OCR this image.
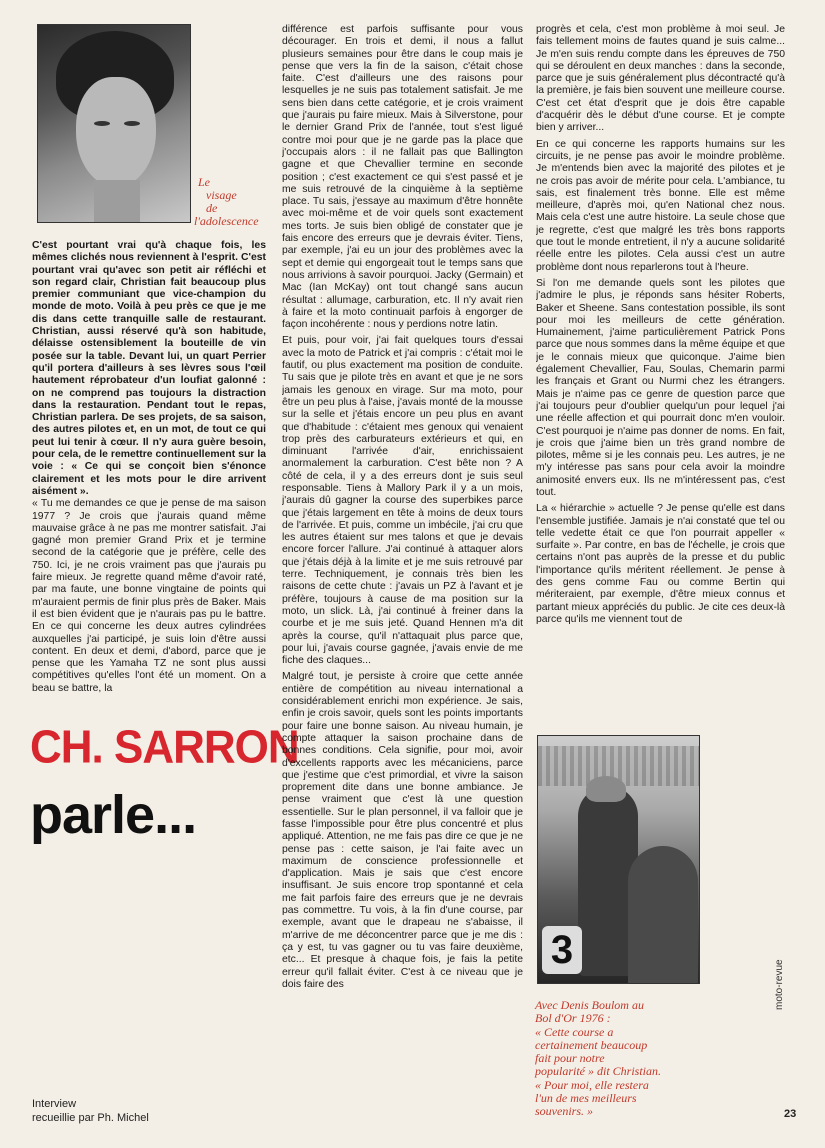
Le
visage
de
l'adolescence

C'est pourtant vrai qu'à chaque fois, les mêmes clichés nous reviennent à l'esprit. C'est pourtant vrai qu'avec son petit air réfléchi et son regard clair, Christian fait beaucoup plus premier communiant que vice-champion du monde de moto. Voilà à peu près ce que je me dis dans cette tranquille salle de restaurant. Christian, aussi réservé qu'à son habitude, délaisse ostensiblement la bouteille de vin posée sur la table. Devant lui, un quart Perrier qu'il portera d'ailleurs à ses lèvres sous l'œil hautement réprobateur d'un loufiat galonné : on ne comprend pas toujours la distraction dans la restauration. Pendant tout le repas, Christian parlera. De ses projets, de sa saison, des autres pilotes et, en un mot, de tout ce qui peut lui tenir à cœur. Il n'y aura guère besoin, pour cela, de le remettre continuellement sur la voie : « Ce qui se conçoit bien s'énonce clairement et les mots pour le dire arrivent aisément ».

« Tu me demandes ce que je pense de ma saison 1977 ? Je crois que j'aurais quand même mauvaise grâce à ne pas me montrer satisfait. J'ai gagné mon premier Grand Prix et je termine second de la catégorie que je préfère, celle des 750. Ici, je ne crois vraiment pas que j'aurais pu faire mieux. Je regrette quand même d'avoir raté, par ma faute, une bonne vingtaine de points qui m'auraient permis de finir plus près de Baker. Mais il est bien évident que je n'aurais pas pu le battre. En ce qui concerne les deux autres cylindrées auxquelles j'ai participé, je suis loin d'être aussi content. En deux et demi, d'abord, parce que je pense que les Yamaha TZ ne sont plus aussi compétitives qu'elles l'ont été un moment. On a beau se battre, la

CH. SARRON
parle...
Interview
recueillie par Ph. Michel

différence est parfois suffisante pour vous décourager. En trois et demi, il nous a fallut plusieurs semaines pour être dans le coup mais je pense que vers la fin de la saison, c'était chose faite. C'est d'ailleurs une des raisons pour lesquelles je ne suis pas totalement satisfait. Je me sens bien dans cette catégorie, et je crois vraiment que j'aurais pu faire mieux. Mais à Silverstone, pour le dernier Grand Prix de l'année, tout s'est ligué contre moi pour que je ne garde pas la place que j'occupais alors : il ne fallait pas que Ballington gagne et que Chevallier termine en seconde position ; c'est exactement ce qui s'est passé et je me suis retrouvé de la cinquième à la septième place. Tu sais, j'essaye au maximum d'être honnête avec moi-même et de voir quels sont exactement mes torts. Je suis bien obligé de constater que je fais encore des erreurs que je devrais éviter. Tiens, par exemple, j'ai eu un jour des problèmes avec la sept et demie qui engorgeait tout le temps sans que nous arrivions à savoir pourquoi. Jacky (Germain) et Mac (Ian McKay) ont tout changé sans aucun résultat : allumage, carburation, etc. Il n'y avait rien à faire et la moto continuait parfois à engorger de façon incohérente : nous y perdions notre latin.

Et puis, pour voir, j'ai fait quelques tours d'essai avec la moto de Patrick et j'ai compris : c'était moi le fautif, ou plus exactement ma position de conduite. Tu sais que je pilote très en avant et que je ne sors jamais les genoux en virage. Sur ma moto, pour être un peu plus à l'aise, j'avais monté de la mousse sur la selle et j'étais encore un peu plus en avant que d'habitude : c'étaient mes genoux qui venaient trop près des carburateurs extérieurs et qui, en diminuant l'arrivée d'air, enrichissaient anormalement la carburation. C'est bête non ? A côté de cela, il y a des erreurs dont je suis seul responsable. Tiens à Mallory Park il y a un mois, j'aurais dû gagner la course des superbikes parce que j'étais largement en tête à moins de deux tours de l'arrivée. Et puis, comme un imbécile, j'ai cru que les autres étaient sur mes talons et que je devais encore forcer l'allure. J'ai continué à attaquer alors que j'étais déjà à la limite et je me suis retrouvé par terre. Techniquement, je connais très bien les raisons de cette chute : j'avais un PZ à l'avant et je préfère, toujours à cause de ma position sur la moto, un slick. Là, j'ai continué à freiner dans la courbe et je me suis jeté. Quand Hennen m'a dit après la course, qu'il n'attaquait plus parce que, pour lui, j'avais course gagnée, j'avais envie de me fiche des claques...

Malgré tout, je persiste à croire que cette année entière de compétition au niveau international a considérablement enrichi mon expérience. Je sais, enfin je crois savoir, quels sont les points importants pour faire une bonne saison. Au niveau humain, je compte attaquer la saison prochaine dans de bonnes conditions. Cela signifie, pour moi, avoir d'excellents rapports avec les mécaniciens, parce que j'estime que c'est primordial, et vivre la saison proprement dite dans une bonne ambiance. Je pense vraiment que c'est là une question essentielle. Sur le plan personnel, il va falloir que je fasse l'impossible pour être plus concentré et plus appliqué. Attention, ne me fais pas dire ce que je ne pense pas : cette saison, je l'ai faite avec un maximum de conscience professionnelle et d'application. Mais je sais que c'est encore insuffisant. Je suis encore trop spontanné et cela me fait parfois faire des erreurs que je ne devrais pas commettre. Tu vois, à la fin d'une course, par exemple, avant que le drapeau ne s'abaisse, il m'arrive de me déconcentrer parce que je me dis : ça y est, tu vas gagner ou tu vas faire deuxième, etc... Et presque à chaque fois, je fais la petite erreur qu'il fallait éviter. C'est à ce niveau que je dois faire des

progrès et cela, c'est mon problème à moi seul. Je fais tellement moins de fautes quand je suis calme... Je m'en suis rendu compte dans les épreuves de 750 qui se déroulent en deux manches : dans la seconde, parce que je suis généralement plus décontracté qu'à la première, je fais bien souvent une meilleure course. C'est cet état d'esprit que je dois être capable d'acquérir dès le début d'une course. Et je compte bien y arriver...

En ce qui concerne les rapports humains sur les circuits, je ne pense pas avoir le moindre problème. Je m'entends bien avec la majorité des pilotes et je ne crois pas avoir de mérite pour cela. L'ambiance, tu sais, est finalement très bonne. Elle est même meilleure, d'après moi, qu'en National chez nous. Mais cela c'est une autre histoire. La seule chose que je regrette, c'est que malgré les très bons rapports que tout le monde entretient, il n'y a aucune solidarité réelle entre les pilotes. Cela aussi c'est un autre problème dont nous reparlerons tout à l'heure.

Si l'on me demande quels sont les pilotes que j'admire le plus, je réponds sans hésiter Roberts, Baker et Sheene. Sans contestation possible, ils sont pour moi les meilleurs de cette génération. Humainement, j'aime particulièrement Patrick Pons parce que nous sommes dans la même équipe et que je le connais mieux que quiconque. J'aime bien également Chevallier, Fau, Soulas, Chemarin parmi les français et Grant ou Nurmi chez les étrangers. Mais je n'aime pas ce genre de question parce que j'ai toujours peur d'oublier quelqu'un pour lequel j'ai une réelle affection et qui pourrait donc m'en vouloir. C'est pourquoi je n'aime pas donner de noms. En fait, je crois que j'aime bien un très grand nombre de pilotes, même si je les connais peu. Les autres, je ne m'y intéresse pas sans pour cela avoir la moindre animosité envers eux. Ils ne m'intéressent pas, c'est tout.

La « hiérarchie » actuelle ? Je pense qu'elle est dans l'ensemble justifiée. Jamais je n'ai constaté que tel ou telle vedette était ce que l'on pourrait appeller « surfaite ». Par contre, en bas de l'échelle, je crois que certains n'ont pas auprès de la presse et du public l'importance qu'ils méritent réellement. Je pense à des gens comme Fau ou comme Bertin qui mériteraient, par exemple, d'être mieux connus et partant mieux appréciés du public. Je cite ces deux-là parce qu'ils me viennent tout de

3
Avec Denis Boulom au
Bol d'Or 1976 :
« Cette course a
certainement beaucoup
fait pour notre
popularité » dit Christian.
« Pour moi, elle restera
l'un de mes meilleurs
souvenirs. »
moto-revue
23
